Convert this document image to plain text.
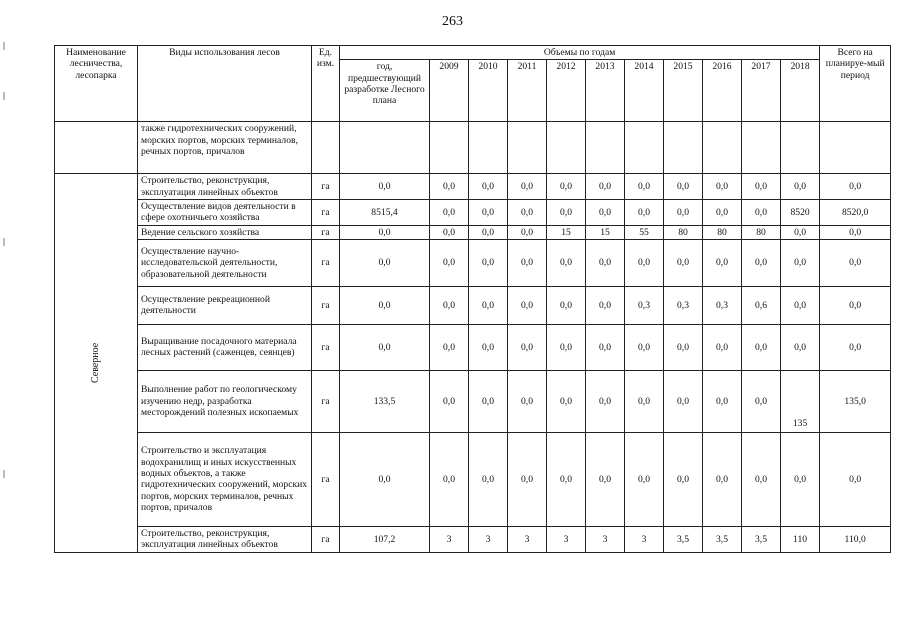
263
Наименование лесничества, лесопарка	Виды использования лесов	Ед. изм.	Объемы по годам											Всего на планируе-мый период
			год, предшествующий разработке Лесного плана	2009	2010	2011	2012	2013	2014	2015	2016	2017	2018	
	также гидротехнических сооружений, морских портов, морских терминалов, речных портов, причалов													

Северное	Строительство, реконструкция, эксплуатация линейных объектов	га	0,0	0,0	0,0	0,0	0,0	0,0	0,0	0,0	0,0	0,0	0,0	0,0
	Осуществление видов деятельности в сфере охотничьего хозяйства	га	8515,4	0,0	0,0	0,0	0,0	0,0	0,0	0,0	0,0	0,0	8520	8520,0
	Ведение сельского хозяйства	га	0,0	0,0	0,0	0,0	15	15	55	80	80	80	0,0	0,0
	Осуществление научно-исследовательской деятельности, образовательной деятельности	га	0,0	0,0	0,0	0,0	0,0	0,0	0,0	0,0	0,0	0,0	0,0	0,0
	Осуществление рекреационной деятельности	га	0,0	0,0	0,0	0,0	0,0	0,0	0,3	0,3	0,3	0,6	0,0	0,0
	Выращивание посадочного материала лесных растений (саженцев, сеянцев)	га	0,0	0,0	0,0	0,0	0,0	0,0	0,0	0,0	0,0	0,0	0,0	0,0
	Выполнение работ по геологическому изучению недр, разработка месторождений полезных ископаемых	га	133,5	0,0	0,0	0,0	0,0	0,0	0,0	0,0	0,0	0,0	135	135,0
	Строительство и эксплуатация водохранилищ и иных искусственных водных объектов, а также гидротехнических сооружений, морских портов, морских терминалов, речных портов, причалов	га	0,0	0,0	0,0	0,0	0,0	0,0	0,0	0,0	0,0	0,0	0,0	0,0
	Строительство, реконструкция, эксплуатация линейных объектов	га	107,2	3	3	3	3	3	3	3,5	3,5	3,5	110	110,0
